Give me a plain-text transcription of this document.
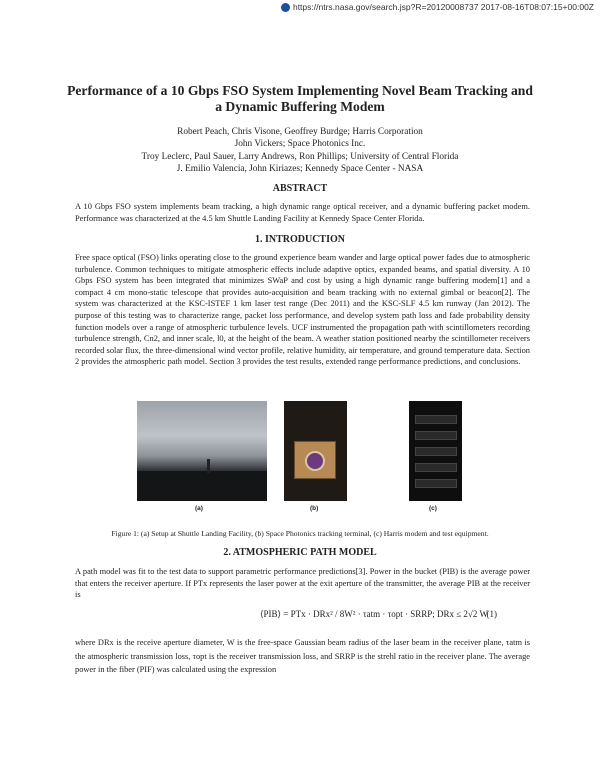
https://ntrs.nasa.gov/search.jsp?R=20120008737 2017-08-16T08:07:15+00:00Z
Performance of a 10 Gbps FSO System Implementing Novel Beam Tracking and
a Dynamic Buffering Modem
Robert Peach, Chris Visone, Geoffrey Burdge; Harris Corporation
John Vickers; Space Photonics Inc.
Troy Leclerc, Paul Sauer, Larry Andrews, Ron Phillips; University of Central Florida
J. Emilio Valencia, John Kiriazes; Kennedy Space Center - NASA
ABSTRACT

A 10 Gbps FSO system implements beam tracking, a high dynamic range optical receiver, and a dynamic buffering packet modem. Performance was characterized at the 4.5 km Shuttle Landing Facility at Kennedy Space Center Florida.

1. INTRODUCTION

Free space optical (FSO) links operating close to the ground experience beam wander and large optical power fades due to atmospheric turbulence. Common techniques to mitigate atmospheric effects include adaptive optics, expanded beams, and spatial diversity. A 10 Gbps FSO system has been integrated that minimizes SWaP and cost by using a high dynamic range buffering modem[1] and a compact 4 cm mono-static telescope that provides auto-acquisition and beam tracking with no external gimbal or beacon[2]. The system was characterized at the KSC-ISTEF 1 km laser test range (Dec 2011) and the KSC-SLF 4.5 km runway (Jan 2012). The purpose of this testing was to characterize range, packet loss performance, and develop system path loss and fade probability density function models over a range of atmospheric turbulence levels. UCF instrumented the propagation path with scintillometers recording turbulence strength, Cn2, and inner scale, l0, at the height of the beam. A weather station positioned nearby the scintillometer receivers recorded solar flux, the three-dimensional wind vector profile, relative humidity, air temperature, and ground temperature data. Section 2 provides the atmospheric path model. Section 3 provides the test results, extended range performance predictions, and conclusions.

(a)	(b)	(c)
Figure 1: (a) Setup at Shuttle Landing Facility, (b) Space Photonics tracking terminal, (c) Harris modem and test equipment.
2. ATMOSPHERIC PATH MODEL

A path model was fit to the test data to support parametric performance predictions[3]. Power in the bucket (PIB) is the average power that enters the receiver aperture. If PTx represents the laser power at the exit aperture of the transmitter, the average PIB at the receiver is

⟨PIB⟩ = PTx · DRx² / 8W² · τatm · τopt · SRRP; DRx ≤ 2√2 W
(1)

where DRx is the receive aperture diameter, W is the free-space Gaussian beam radius of the laser beam in the receiver plane, τatm is the atmospheric transmission loss, τopt is the receiver transmission loss, and SRRP is the strehl ratio in the receiver plane. The average power in the fiber (PIF) was calculated using the expression
